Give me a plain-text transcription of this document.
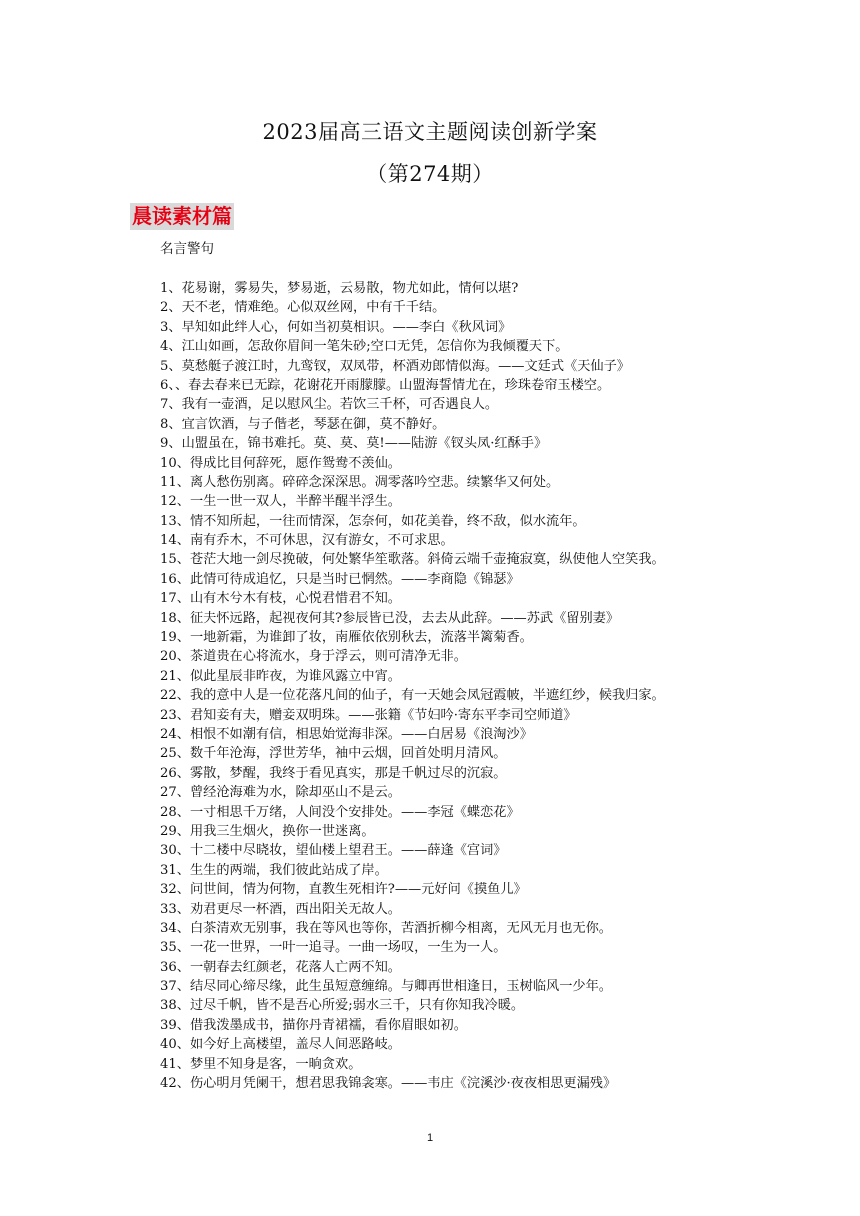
2023届高三语文主题阅读创新学案
（第274期）
晨读素材篇
名言警句
1、花易谢，雾易失，梦易逝，云易散，物尤如此，情何以堪?
2、天不老，情难绝。心似双丝网，中有千千结。
3、早知如此绊人心，何如当初莫相识。——李白《秋风词》
4、江山如画，怎敌你眉间一笔朱砂;空口无凭，怎信你为我倾覆天下。
5、莫愁艇子渡江时，九鸾钗，双凤带，杯酒劝郎情似海。——文廷式《天仙子》
6、、春去春来已无踪，花谢花开雨朦朦。山盟海誓情尤在，珍珠卷帘玉楼空。
7、我有一壶酒，足以慰风尘。若饮三千杯，可否遇良人。
8、宜言饮酒，与子偕老，琴瑟在御，莫不静好。
9、山盟虽在，锦书难托。莫、莫、莫!——陆游《钗头凤·红酥手》
10、得成比目何辞死，愿作鸳鸯不羡仙。
11、离人愁伤别离。碎碎念深深思。凋零落吟空悲。续繁华又何处。
12、一生一世一双人，半醉半醒半浮生。
13、情不知所起，一往而情深，怎奈何，如花美眷，终不敌，似水流年。
14、南有乔木，不可休思，汉有游女，不可求思。
15、苍茫大地一剑尽挽破，何处繁华笙歌落。斜倚云端千壶掩寂寞，纵使他人空笑我。
16、此情可待成追忆，只是当时已惘然。——李商隐《锦瑟》
17、山有木兮木有枝，心悦君惜君不知。
18、征夫怀远路，起视夜何其?参辰皆已没，去去从此辞。——苏武《留别妻》
19、一地新霜，为谁卸了妆，南雁依依别秋去，流落半篱菊香。
20、茶道贵在心将流水，身于浮云，则可清净无非。
21、似此星辰非昨夜，为谁风露立中宵。
22、我的意中人是一位花落凡间的仙子，有一天她会凤冠霞帔，半遮红纱，候我归家。
23、君知妾有夫，赠妾双明珠。——张籍《节妇吟·寄东平李司空师道》
24、相恨不如潮有信，相思始觉海非深。——白居易《浪淘沙》
25、数千年沧海，浮世芳华，袖中云烟，回首处明月清风。
26、雾散，梦醒，我终于看见真实，那是千帆过尽的沉寂。
27、曾经沧海难为水，除却巫山不是云。
28、一寸相思千万绪，人间没个安排处。——李冠《蝶恋花》
29、用我三生烟火，换你一世迷离。
30、十二楼中尽晓妆，望仙楼上望君王。——薛逢《宫词》
31、生生的两端，我们彼此站成了岸。
32、问世间，情为何物，直教生死相许?——元好问《摸鱼儿》
33、劝君更尽一杯酒，西出阳关无故人。
34、白茶清欢无别事，我在等风也等你，苦酒折柳今相离，无风无月也无你。
35、一花一世界，一叶一追寻。一曲一场叹，一生为一人。
36、一朝春去红颜老，花落人亡两不知。
37、结尽同心缔尽缘，此生虽短意缠绵。与卿再世相逢日，玉树临风一少年。
38、过尽千帆，皆不是吾心所爱;弱水三千，只有你知我冷暖。
39、借我泼墨成书，描你丹青裙襦，看你眉眼如初。
40、如今好上高楼望，盖尽人间恶路岐。
41、梦里不知身是客，一晌贪欢。
42、伤心明月凭阑干，想君思我锦衾寒。——韦庄《浣溪沙·夜夜相思更漏残》
1
